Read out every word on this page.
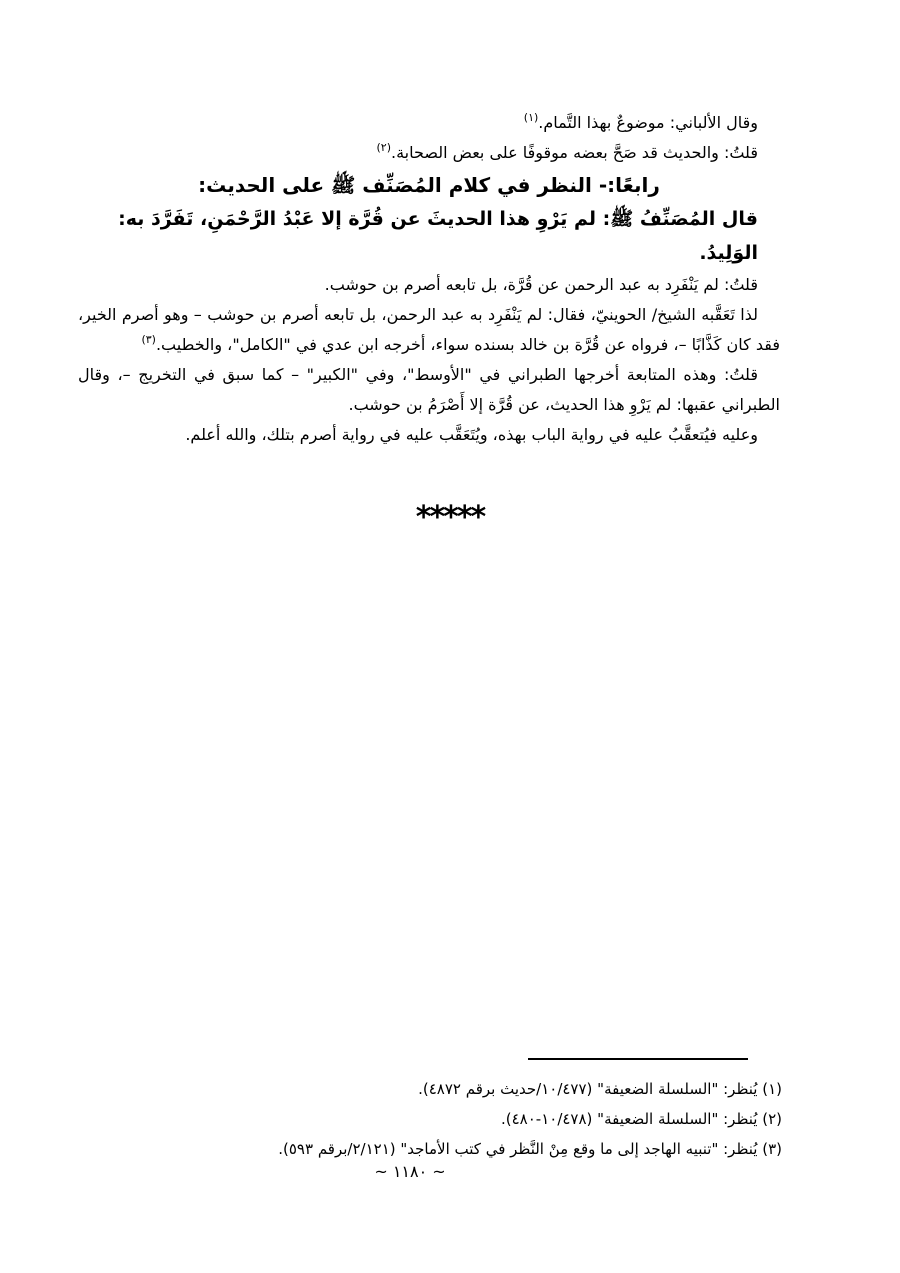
وقال الألباني: موضوعٌ بهذا التَّمام.$^{(١)}$
قلتُ: والحديث قد صَحَّ بعضه موقوفًا على بعض الصحابة.$^{(٢)}$
رابعًا:- النظر في كلام المُصَنِّف ﷺ على الحديث:
قال المُصَنِّفُ ﷺ: لم يَرْوِ هذا الحديثَ عن قُرَّة إلا عَبْدُ الرَّحْمَنِ، تَفَرَّدَ به: الوَلِيدُ.
قلتُ: لم يَنْفَرِد به عبد الرحمن عن قُرَّة، بل تابعه أصرم بن حوشب.
لذا تَعَقَّبه الشيخ/ الحوينيّ، فقال: لم يَنْفَرِد به عبد الرحمن، بل تابعه أصرم بن حوشب – وهو أصرم الخير، فقد كان كَذَّابًا –، فرواه عن قُرَّة بن خالد بسنده سواء، أخرجه ابن عدي في "الكامل"، والخطيب.$^{(٣)}$
قلتُ: وهذه المتابعة أخرجها الطبراني في "الأوسط"، وفي "الكبير" – كما سبق في التخريج –، وقال الطبراني عقبها: لم يَرْوِ هذا الحديث، عن قُرَّة إلا أَصْرَمُ بن حوشب.
وعليه فيُتعقَّبُ عليه في رواية الباب بهذه، ويُتَعَقَّب عليه في رواية أصرم بتلك، والله أعلم.
*****
(١) يُنظر: "السلسلة الضعيفة" (١٠/٤٧٧/حديث برقم ٤٨٧٢).
(٢) يُنظر: "السلسلة الضعيفة" (١٠/٤٧٨-٤٨٠).
(٣) يُنظر: "تنبيه الهاجد إلى ما وقع مِنْ النَّظر في كتب الأماجد" (٢/١٢١/برقم ٥٩٣).
~ ١١٨٠ ~
